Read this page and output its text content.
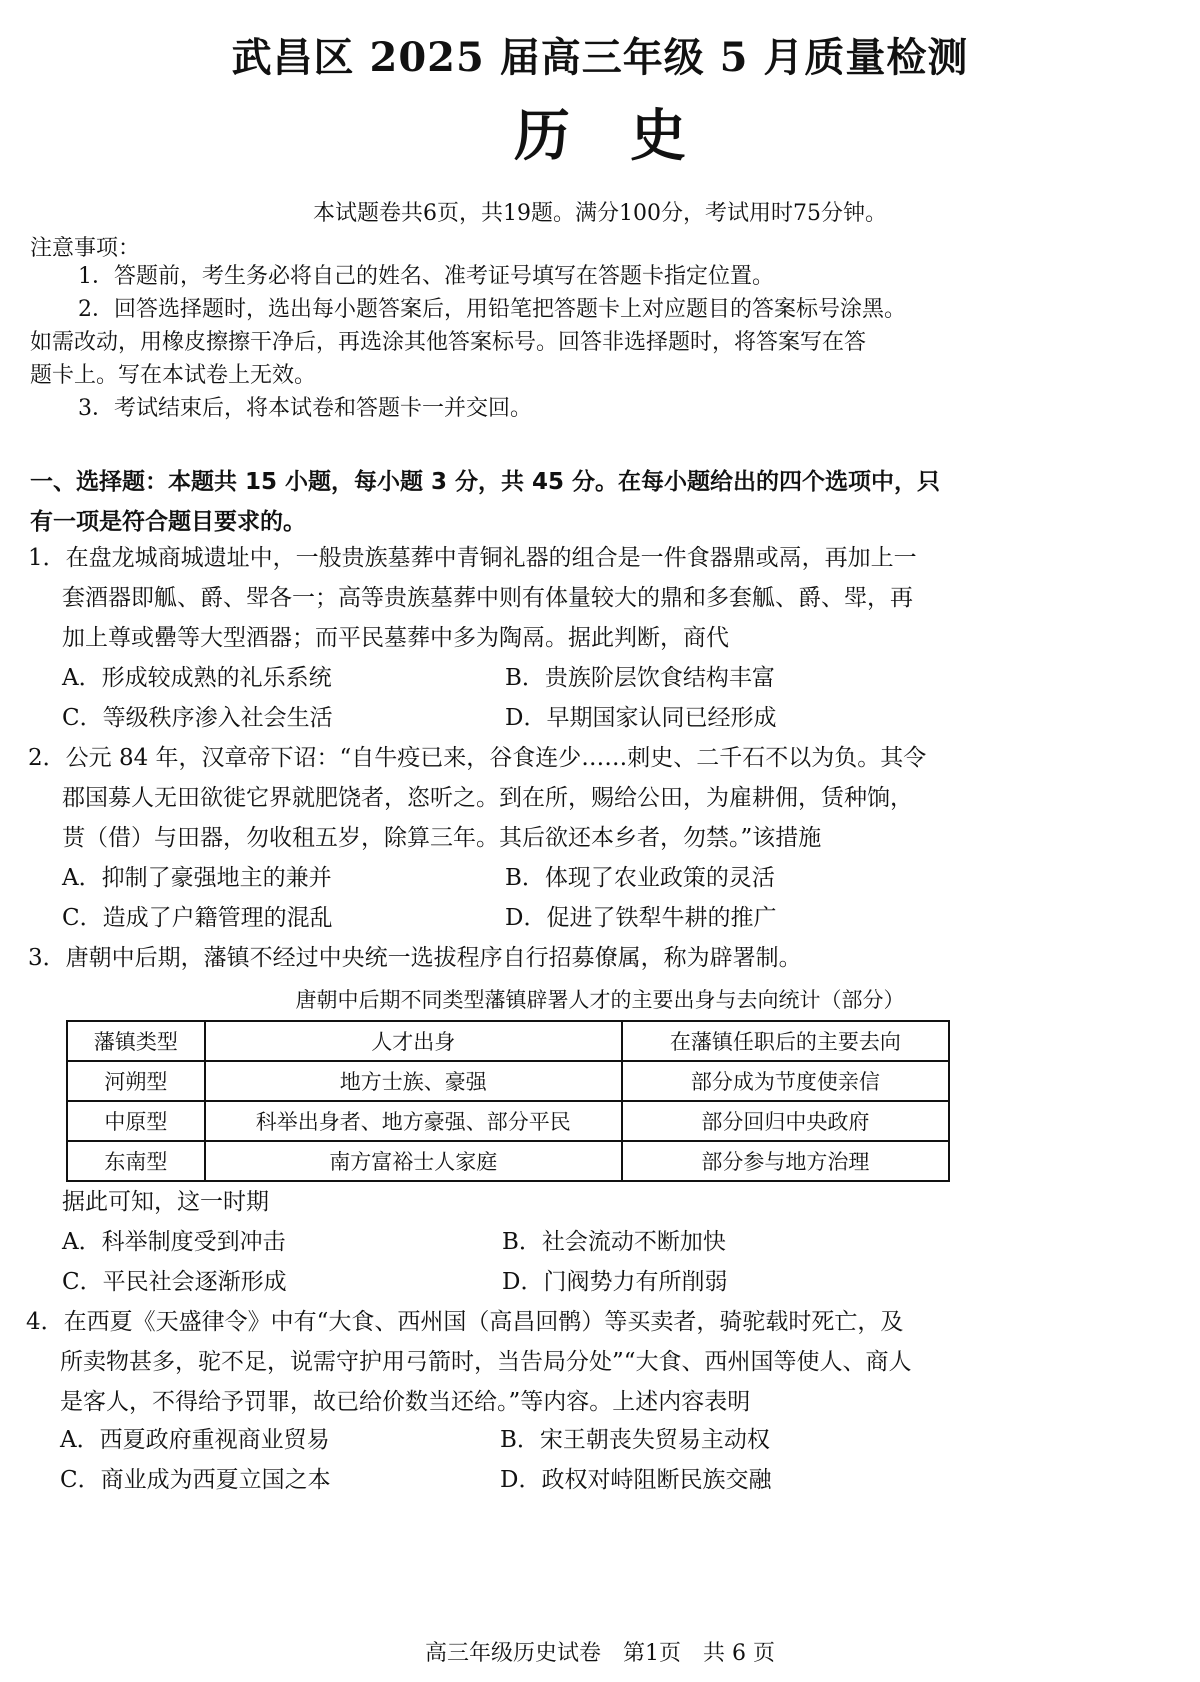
武昌区 2025 届高三年级 5 月质量检测
历史
本试题卷共6页，共19题。满分100分，考试用时75分钟。
注意事项：
1．答题前，考生务必将自己的姓名、准考证号填写在答题卡指定位置。
2．回答选择题时，选出每小题答案后，用铅笔把答题卡上对应题目的答案标号涂黑。
如需改动，用橡皮擦擦干净后，再选涂其他答案标号。回答非选择题时，将答案写在答
题卡上。写在本试卷上无效。
3．考试结束后，将本试卷和答题卡一并交回。
一、选择题：本题共 15 小题，每小题 3 分，共 45 分。在每小题给出的四个选项中，只
有一项是符合题目要求的。
1．在盘龙城商城遗址中，一般贵族墓葬中青铜礼器的组合是一件食器鼎或鬲，再加上一
套酒器即觚、爵、斝各一；高等贵族墓葬中则有体量较大的鼎和多套觚、爵、斝，再
加上尊或罍等大型酒器；而平民墓葬中多为陶鬲。据此判断，商代
A．形成较成熟的礼乐系统	B．贵族阶层饮食结构丰富
C．等级秩序渗入社会生活	D．早期国家认同已经形成
2．公元 84 年，汉章帝下诏：“自牛疫已来，谷食连少……刺史、二千石不以为负。其令
郡国募人无田欲徙它界就肥饶者，恣听之。到在所，赐给公田，为雇耕佣，赁种饷，
贳（借）与田器，勿收租五岁，除算三年。其后欲还本乡者，勿禁。”该措施
A．抑制了豪强地主的兼并	B．体现了农业政策的灵活
C．造成了户籍管理的混乱	D．促进了铁犁牛耕的推广
3．唐朝中后期，藩镇不经过中央统一选拔程序自行招募僚属，称为辟署制。
唐朝中后期不同类型藩镇辟署人才的主要出身与去向统计（部分）
藩镇类型	人才出身	在藩镇任职后的主要去向
河朔型	地方士族、豪强	部分成为节度使亲信
中原型	科举出身者、地方豪强、部分平民	部分回归中央政府
东南型	南方富裕士人家庭	部分参与地方治理
据此可知，这一时期
A．科举制度受到冲击	B．社会流动不断加快
C．平民社会逐渐形成	D．门阀势力有所削弱
4．在西夏《天盛律令》中有“大食、西州国（高昌回鹘）等买卖者，骑驼载时死亡，及
所卖物甚多，驼不足，说需守护用弓箭时，当告局分处”“大食、西州国等使人、商人
是客人，不得给予罚罪，故已给价数当还给。”等内容。上述内容表明
A．西夏政府重视商业贸易	B．宋王朝丧失贸易主动权
C．商业成为西夏立国之本	D．政权对峙阻断民族交融
高三年级历史试卷　第1页　共 6 页
